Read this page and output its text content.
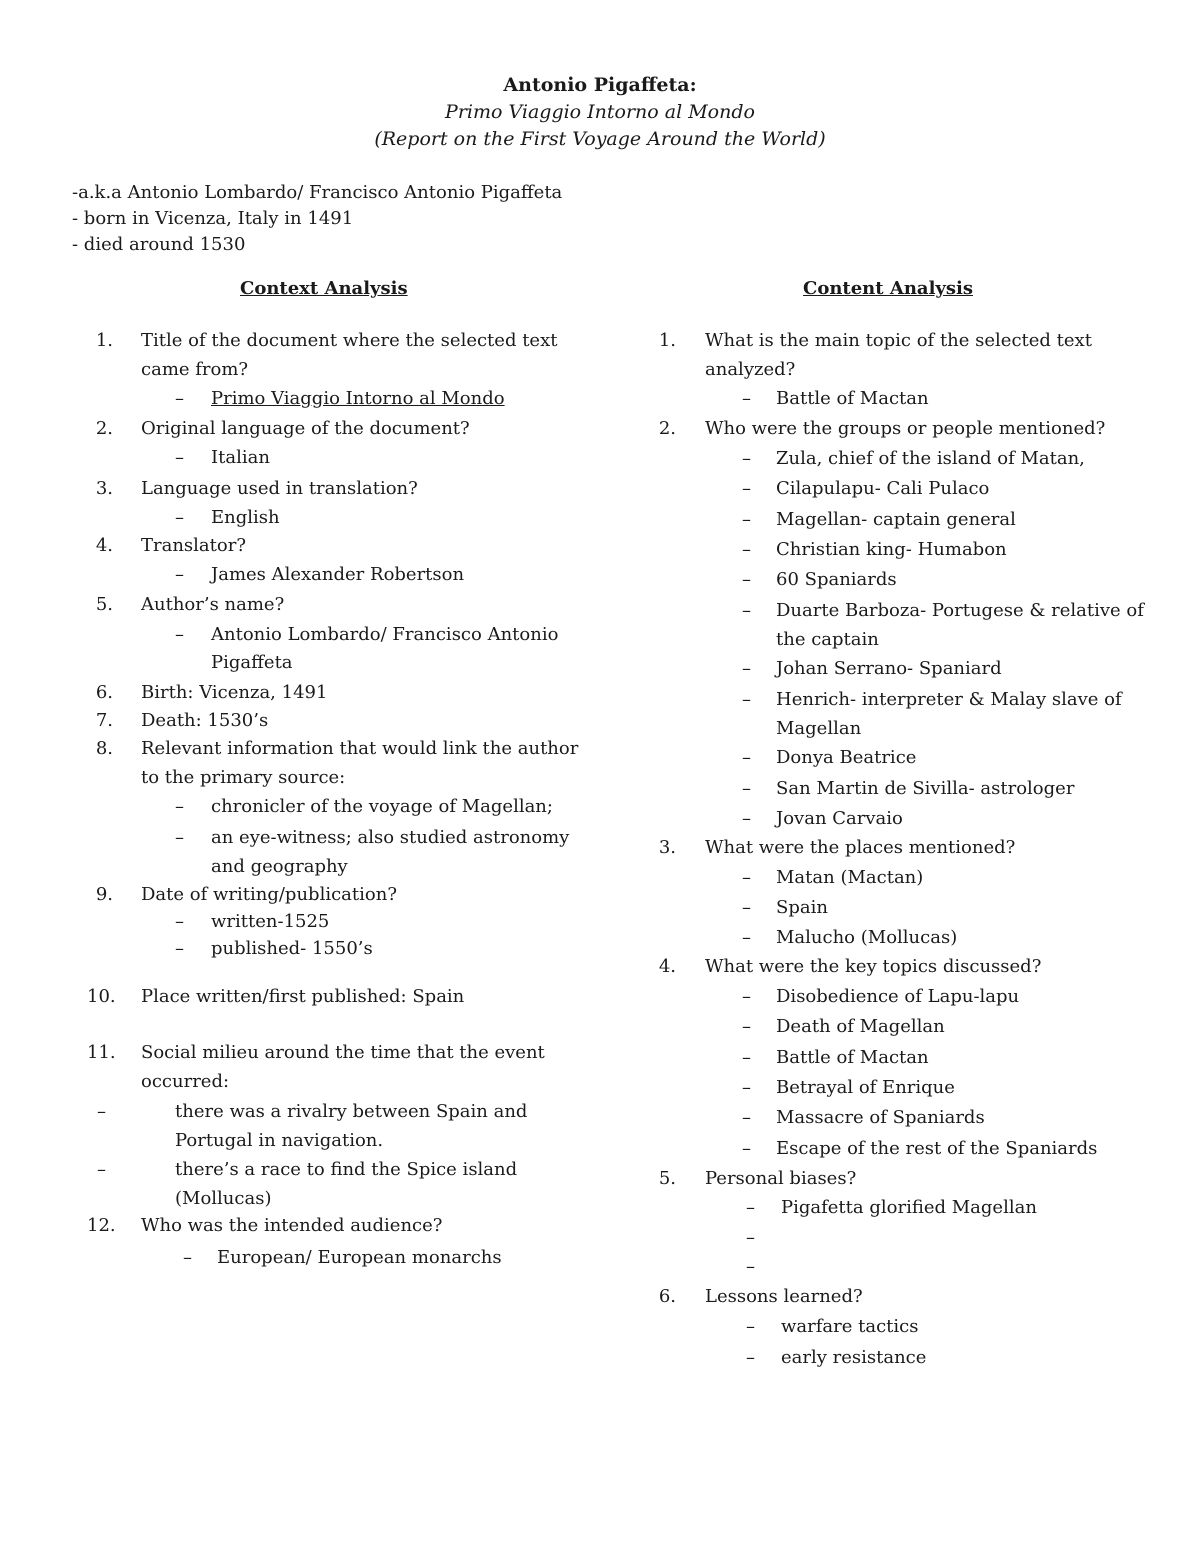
Antonio Pigaffeta:
Primo Viaggio Intorno al Mondo
(Report on the First Voyage Around the World)
-a.k.a Antonio Lombardo/ Francisco Antonio Pigaffeta
- born in Vicenza, Italy in 1491
- died around 1530
Context Analysis	Content Analysis
1. Title of the document where the selected text
came from?
– Primo Viaggio Intorno al Mondo
2. Original language of the document?
– Italian
3. Language used in translation?
– English
4. Translator?
– James Alexander Robertson
5. Author’s name?
– Antonio Lombardo/ Francisco Antonio
Pigaffeta
6. Birth: Vicenza, 1491
7. Death: 1530’s
8. Relevant information that would link the author
to the primary source:
– chronicler of the voyage of Magellan;
– an eye-witness; also studied astronomy
and geography
9. Date of writing/publication?
– written-1525
– published- 1550’s
10. Place written/first published: Spain
11. Social milieu around the time that the event
occurred:
–	there was a rivalry between Spain and
Portugal in navigation.
–	there’s a race to find the Spice island
(Mollucas)
12. Who was the intended audience?
– European/ European monarchs
1. What is the main topic of the selected text
analyzed?
– Battle of Mactan
2. Who were the groups or people mentioned?
– Zula, chief of the island of Matan,
– Cilapulapu- Cali Pulaco
– Magellan- captain general
– Christian king- Humabon
– 60 Spaniards
– Duarte Barboza- Portugese & relative of
the captain
– Johan Serrano- Spaniard
– Henrich- interpreter & Malay slave of
Magellan
– Donya Beatrice
– San Martin de Sivilla- astrologer
– Jovan Carvaio
3. What were the places mentioned?
– Matan (Mactan)
– Spain
– Malucho (Mollucas)
4. What were the key topics discussed?
– Disobedience of Lapu-lapu
– Death of Magellan
– Battle of Mactan
– Betrayal of Enrique
– Massacre of Spaniards
– Escape of the rest of the Spaniards
5. Personal biases?
– Pigafetta glorified Magellan
–
–
6. Lessons learned?
– warfare tactics
– early resistance
